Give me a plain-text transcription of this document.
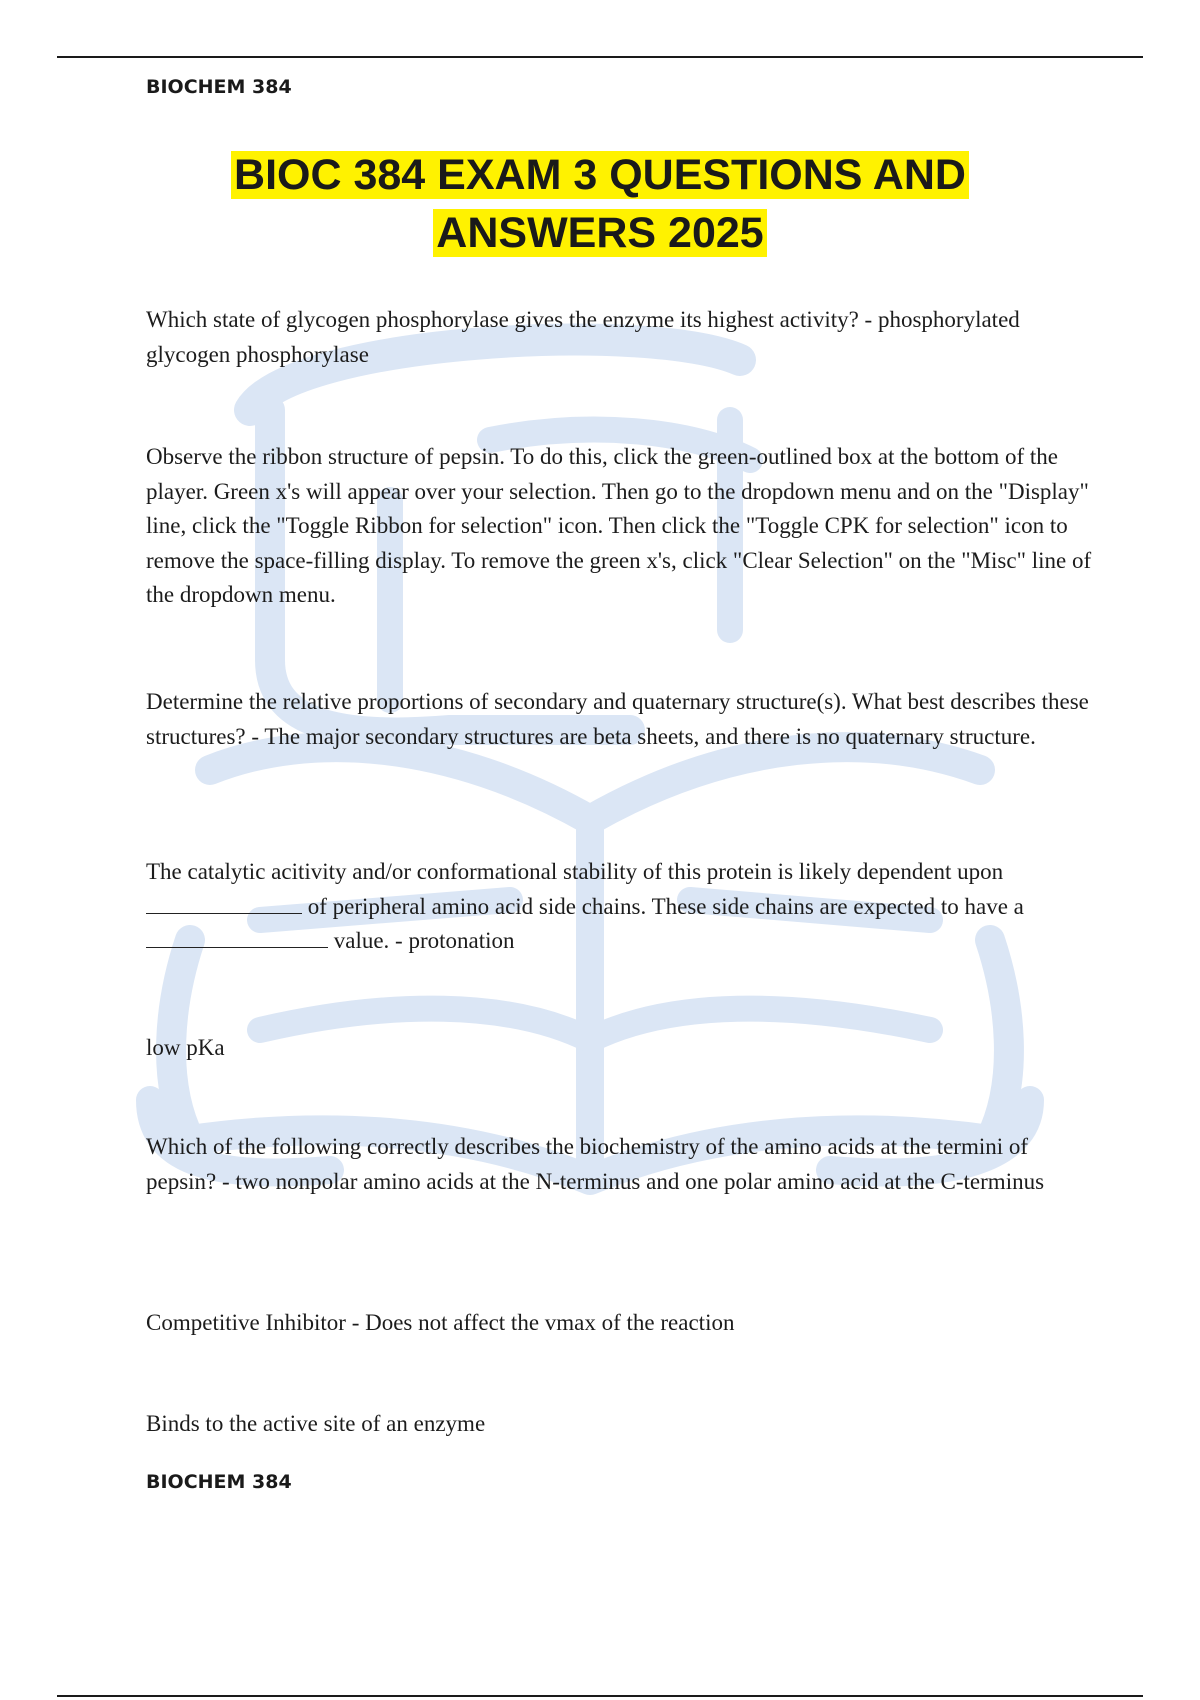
BIOCHEM 384
BIOC 384 EXAM 3 QUESTIONS AND
ANSWERS 2025
Which state of glycogen phosphorylase gives the enzyme its highest activity? - phosphorylated glycogen phosphorylase
Observe the ribbon structure of pepsin. To do this, click the green-outlined box at the bottom of the player. Green x's will appear over your selection. Then go to the dropdown menu and on the "Display" line, click the "Toggle Ribbon for selection" icon. Then click the "Toggle CPK for selection" icon to remove the space-filling display. To remove the green x's, click "Clear Selection" on the "Misc" line of the dropdown menu.
Determine the relative proportions of secondary and quaternary structure(s). What best describes these structures? - The major secondary structures are beta sheets, and there is no quaternary structure.
The catalytic acitivity and/or conformational stability of this protein is likely dependent upon  of peripheral amino acid side chains. These side chains are expected to have a  value. - protonation
low pKa
Which of the following correctly describes the biochemistry of the amino acids at the termini of pepsin? - two nonpolar amino acids at the N-terminus and one polar amino acid at the C-terminus
Competitive Inhibitor - Does not affect the vmax of the reaction
Binds to the active site of an enzyme
BIOCHEM 384
